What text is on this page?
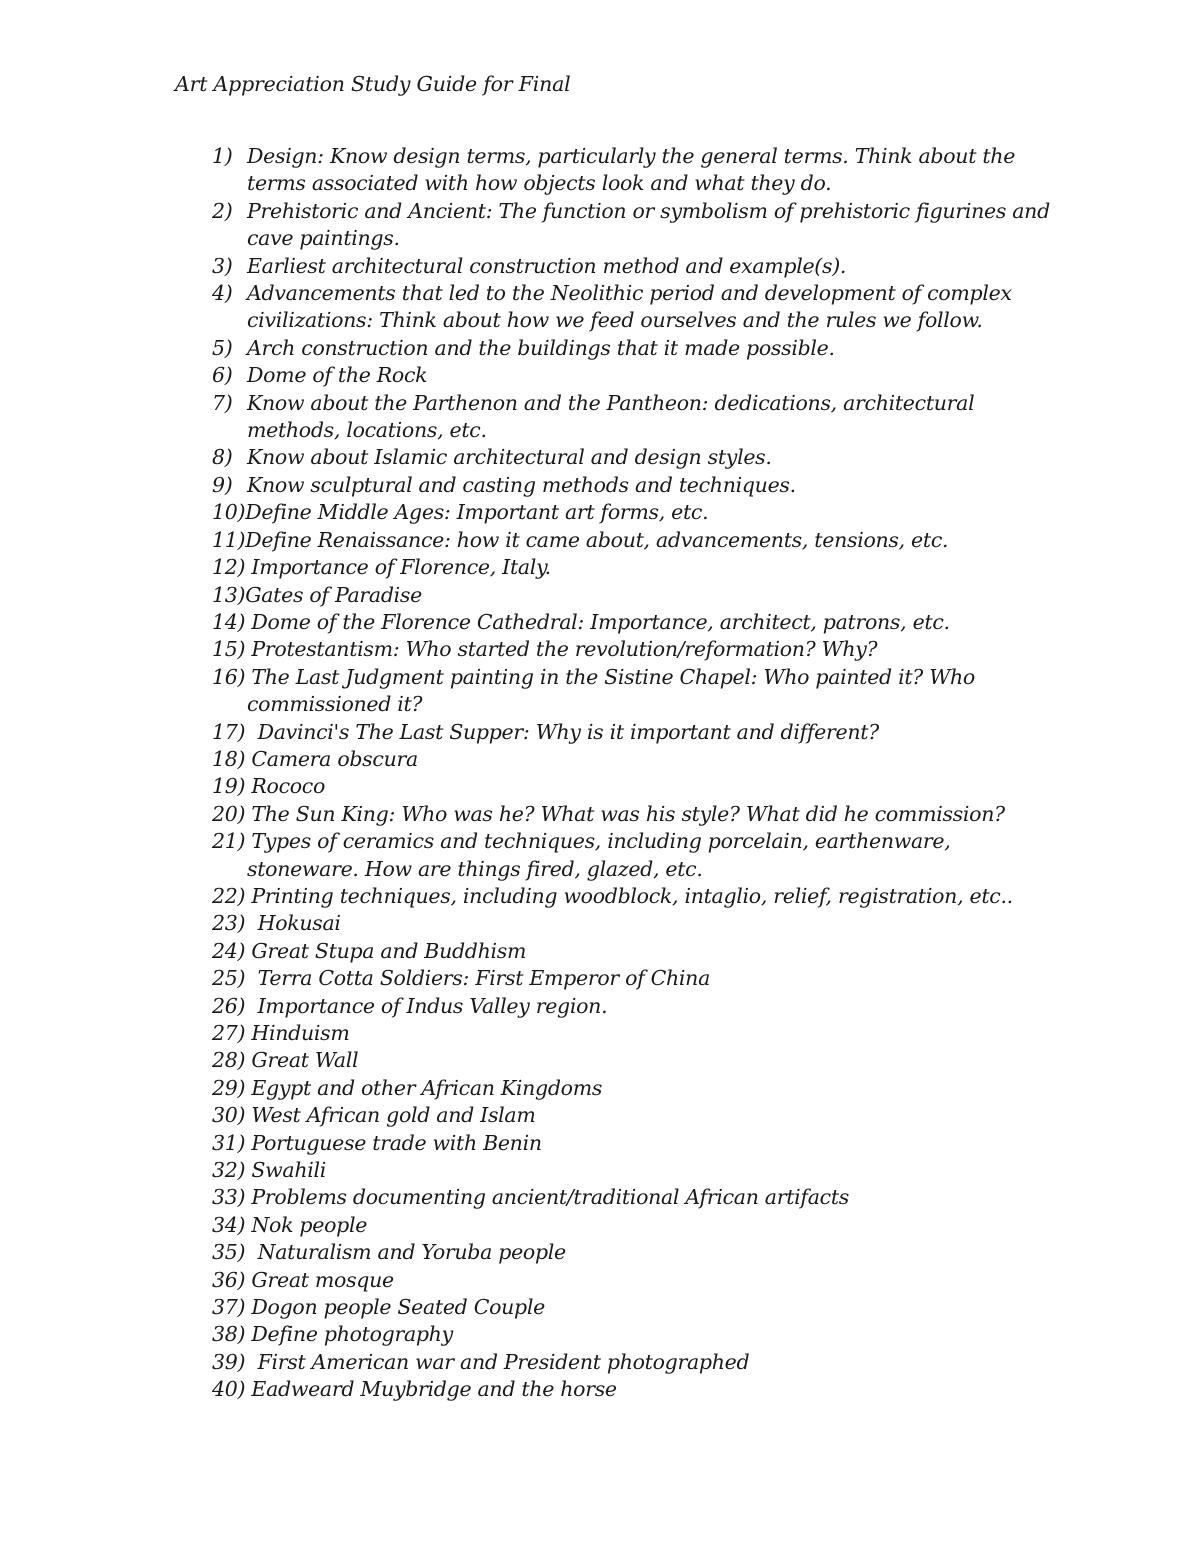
Art Appreciation Study Guide for Final
1) Design: Know design terms, particularly the general terms. Think about the
terms associated with how objects look and what they do.
2) Prehistoric and Ancient: The function or symbolism of prehistoric figurines and
cave paintings.
3) Earliest architectural construction method and example(s).
4) Advancements that led to the Neolithic period and development of complex
civilizations: Think about how we feed ourselves and the rules we follow.
5) Arch construction and the buildings that it made possible.
6) Dome of the Rock
7) Know about the Parthenon and the Pantheon: dedications, architectural
methods, locations, etc.
8) Know about Islamic architectural and design styles.
9) Know sculptural and casting methods and techniques.
10) Define Middle Ages: Important art forms, etc.
11) Define Renaissance: how it came about, advancements, tensions, etc.
12) Importance of Florence, Italy.
13) Gates of Paradise
14) Dome of the Florence Cathedral: Importance, architect, patrons, etc.
15) Protestantism: Who started the revolution/reformation? Why?
16) The Last Judgment painting in the Sistine Chapel: Who painted it? Who
commissioned it?
17) Davinci's The Last Supper: Why is it important and different?
18) Camera obscura
19) Rococo
20) The Sun King: Who was he? What was his style? What did he commission?
21) Types of ceramics and techniques, including porcelain, earthenware,
stoneware. How are things fired, glazed, etc.
22) Printing techniques, including woodblock, intaglio, relief, registration, etc..
23) Hokusai
24) Great Stupa and Buddhism
25) Terra Cotta Soldiers: First Emperor of China
26) Importance of Indus Valley region.
27) Hinduism
28) Great Wall
29) Egypt and other African Kingdoms
30) West African gold and Islam
31) Portuguese trade with Benin
32) Swahili
33) Problems documenting ancient/traditional African artifacts
34) Nok people
35) Naturalism and Yoruba people
36) Great mosque
37) Dogon people Seated Couple
38) Define photography
39) First American war and President photographed
40) Eadweard Muybridge and the horse
